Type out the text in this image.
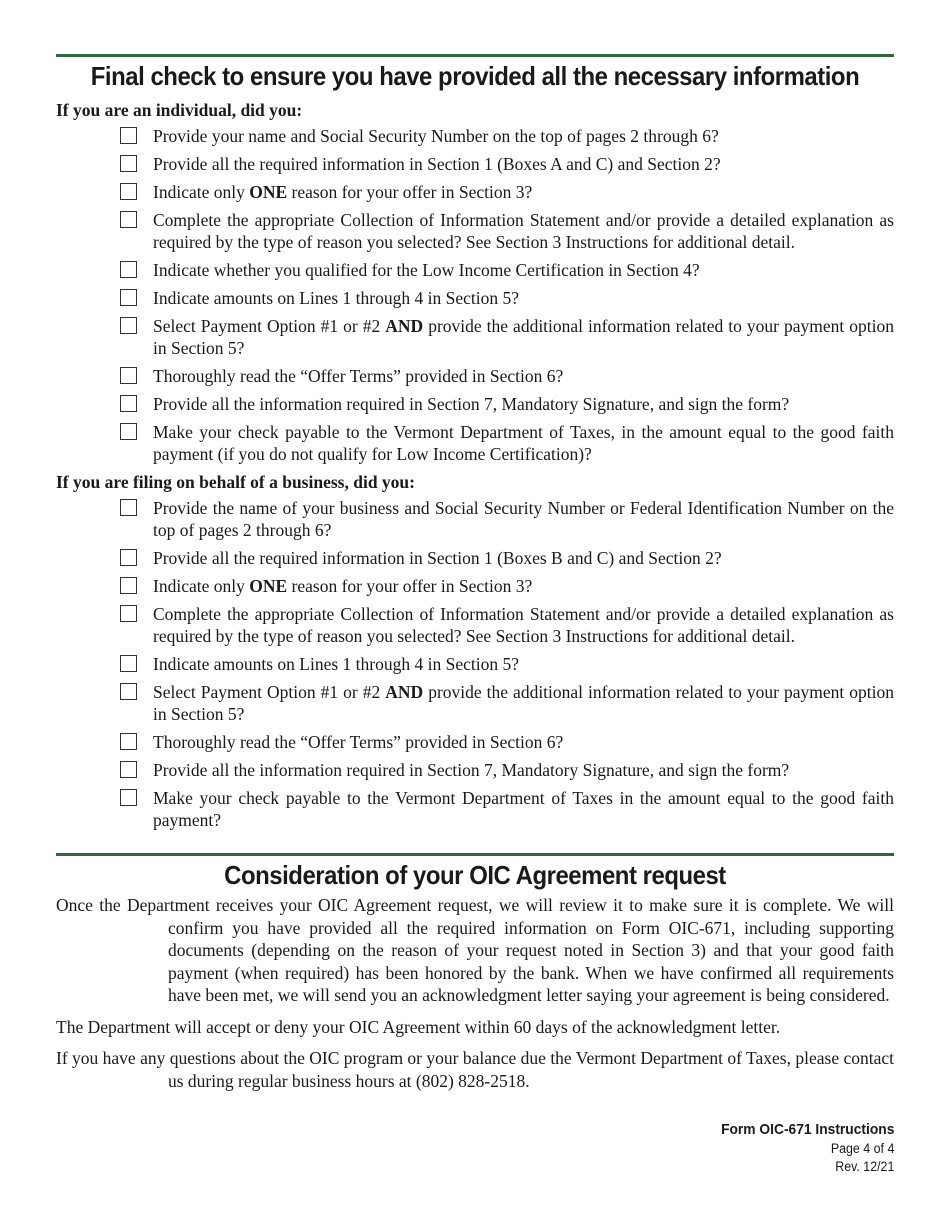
Final check to ensure you have provided all the necessary information
If you are an individual, did you:
Provide your name and Social Security Number on the top of pages 2 through 6?
Provide all the required information in Section 1 (Boxes A and C) and Section 2?
Indicate only ONE reason for your offer in Section 3?
Complete the appropriate Collection of Information Statement and/or provide a detailed explanation as required by the type of reason you selected? See Section 3 Instructions for additional detail.
Indicate whether you qualified for the Low Income Certification in Section 4?
Indicate amounts on Lines 1 through 4 in Section 5?
Select Payment Option #1 or #2 AND provide the additional information related to your payment option in Section 5?
Thoroughly read the “Offer Terms” provided in Section 6?
Provide all the information required in Section 7, Mandatory Signature, and sign the form?
Make your check payable to the Vermont Department of Taxes, in the amount equal to the good faith payment (if you do not qualify for Low Income Certification)?
If you are filing on behalf of a business, did you:
Provide the name of your business and Social Security Number or Federal Identification Number on the top of pages 2 through 6?
Provide all the required information in Section 1 (Boxes B and C) and Section 2?
Indicate only ONE reason for your offer in Section 3?
Complete the appropriate Collection of Information Statement and/or provide a detailed explanation as required by the type of reason you selected? See Section 3 Instructions for additional detail.
Indicate amounts on Lines 1 through 4 in Section 5?
Select Payment Option #1 or #2 AND provide the additional information related to your payment option in Section 5?
Thoroughly read the “Offer Terms” provided in Section 6?
Provide all the information required in Section 7, Mandatory Signature, and sign the form?
Make your check payable to the Vermont Department of Taxes in the amount equal to the good faith payment?
Consideration of your OIC Agreement request

Once the Department receives your OIC Agreement request, we will review it to make sure it is complete. We will confirm you have provided all the required information on Form OIC-671, including supporting documents (depending on the reason of your request noted in Section 3) and that your good faith payment (when required) has been honored by the bank. When we have confirmed all requirements have been met, we will send you an acknowledgment letter saying your agreement is being considered.

The Department will accept or deny your OIC Agreement within 60 days of the acknowledgment letter.

If you have any questions about the OIC program or your balance due the Vermont Department of Taxes, please contact us during regular business hours at (802) 828-2518.

Form OIC-671 Instructions
Page 4 of 4
Rev. 12/21
